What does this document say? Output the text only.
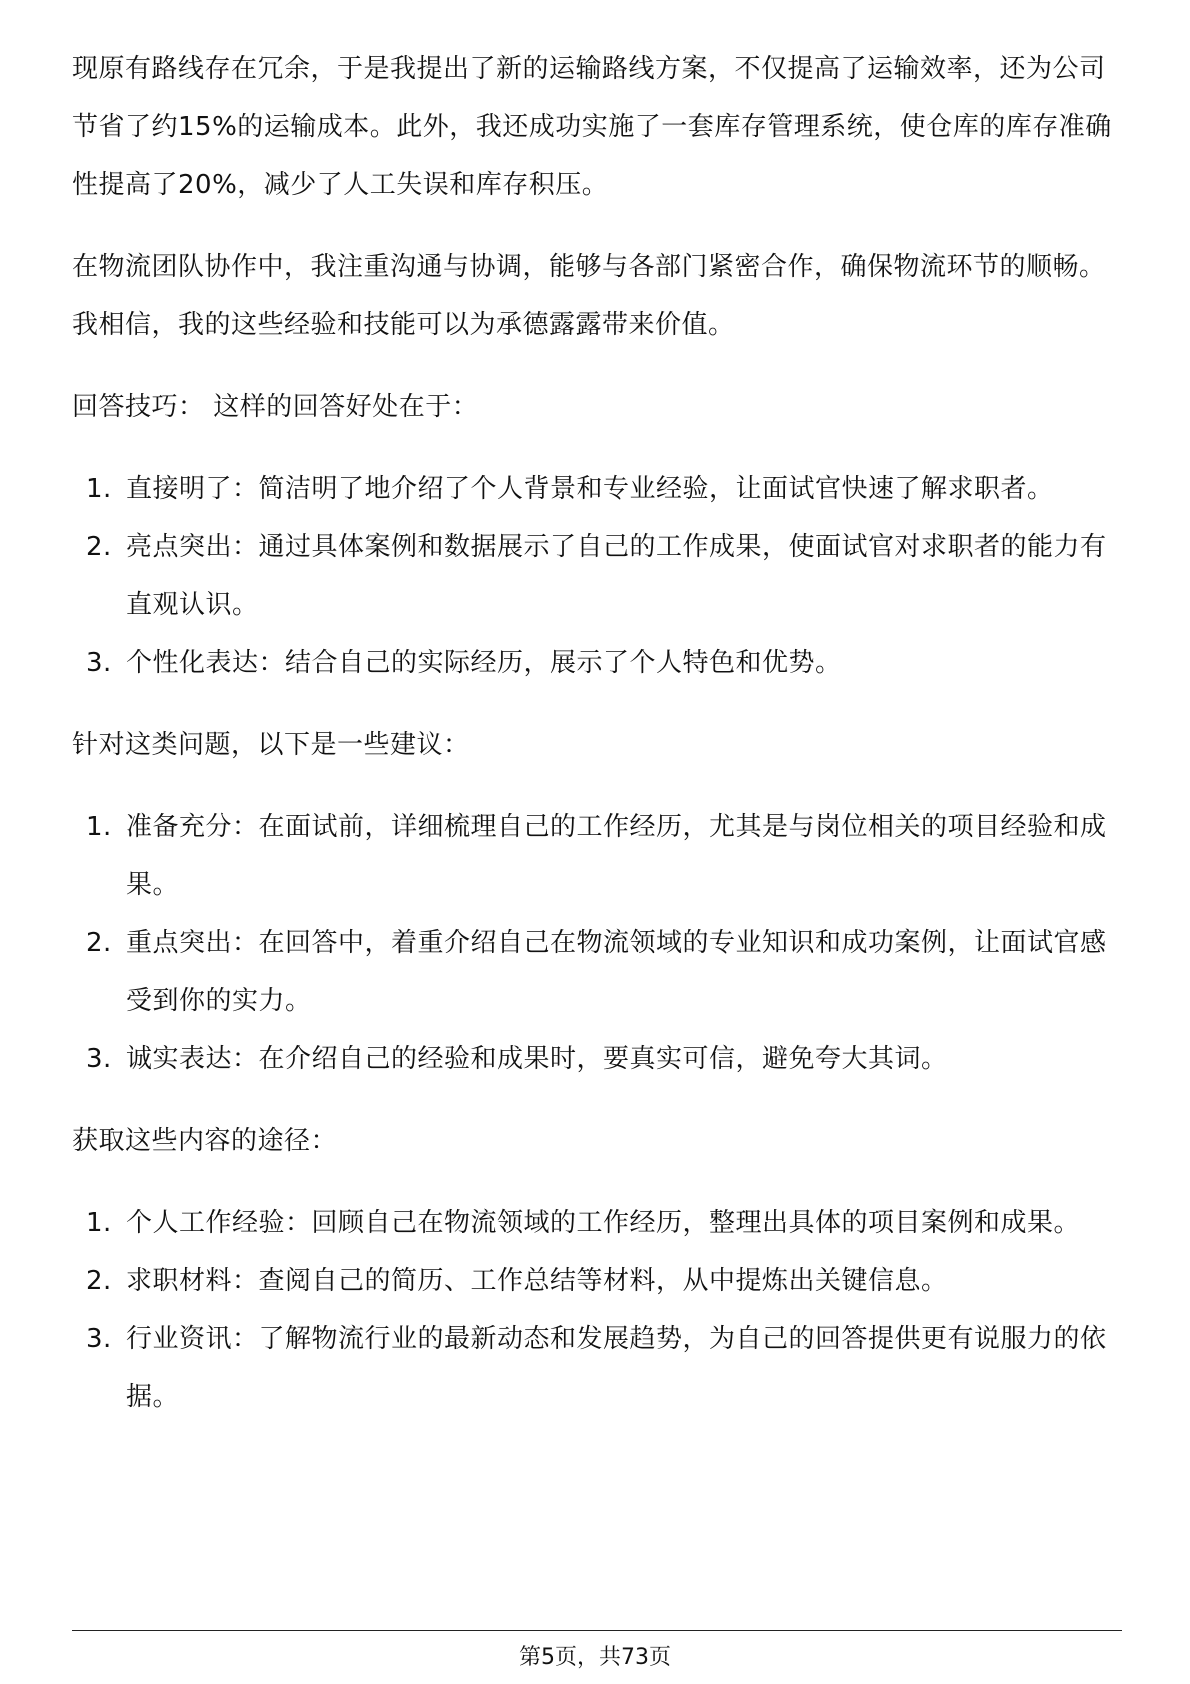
现原有路线存在冗余，于是我提出了新的运输路线方案，不仅提高了运输效率，还为公司节省了约15%的运输成本。此外，我还成功实施了一套库存管理系统，使仓库的库存准确性提高了20%，减少了人工失误和库存积压。

在物流团队协作中，我注重沟通与协调，能够与各部门紧密合作，确保物流环节的顺畅。我相信，我的这些经验和技能可以为承德露露带来价值。

回答技巧： 这样的回答好处在于：

1. 直接明了：简洁明了地介绍了个人背景和专业经验，让面试官快速了解求职者。
2. 亮点突出：通过具体案例和数据展示了自己的工作成果，使面试官对求职者的能力有直观认识。
3. 个性化表达：结合自己的实际经历，展示了个人特色和优势。

针对这类问题，以下是一些建议：

1. 准备充分：在面试前，详细梳理自己的工作经历，尤其是与岗位相关的项目经验和成果。
2. 重点突出：在回答中，着重介绍自己在物流领域的专业知识和成功案例，让面试官感受到你的实力。
3. 诚实表达：在介绍自己的经验和成果时，要真实可信，避免夸大其词。

获取这些内容的途径：

1. 个人工作经验：回顾自己在物流领域的工作经历，整理出具体的项目案例和成果。
2. 求职材料：查阅自己的简历、工作总结等材料，从中提炼出关键信息。
3. 行业资讯：了解物流行业的最新动态和发展趋势，为自己的回答提供更有说服力的依据。
第5页，共73页
